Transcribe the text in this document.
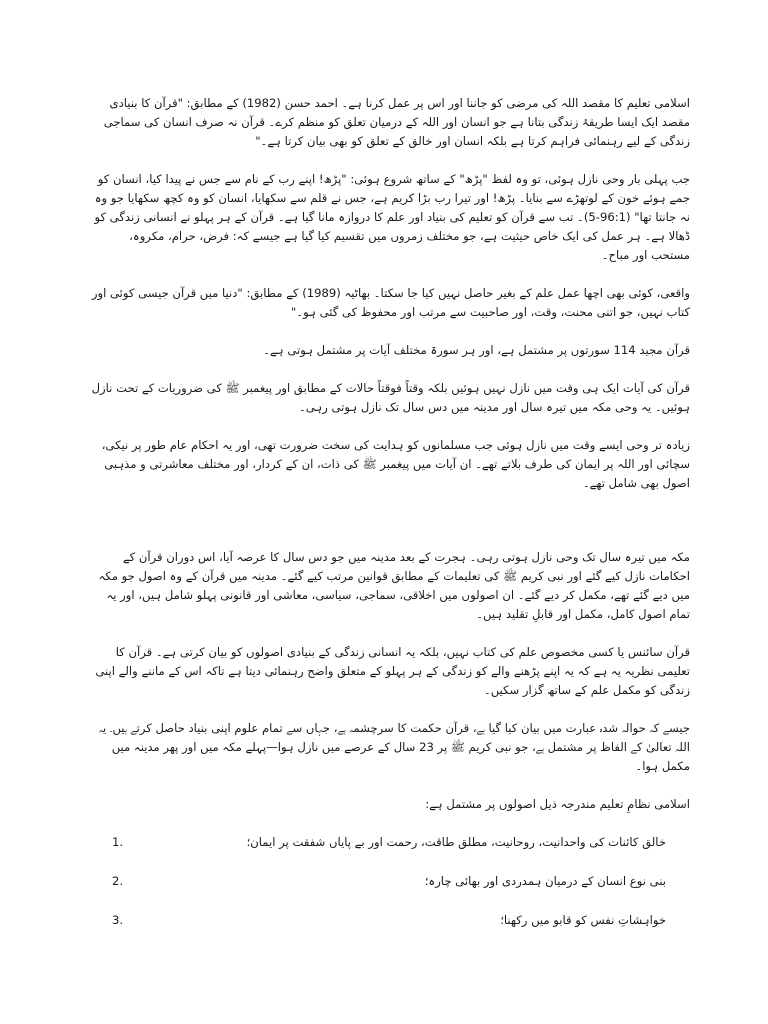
اسلامی تعلیم کا مقصد اللہ کی مرضی کو جاننا اور اس پر عمل کرنا ہے۔ احمد حسن (1982) کے مطابق: "قرآن کا بنیادی مقصد ایک ایسا طریقۂ زندگی بتانا ہے جو انسان اور اللہ کے درمیان تعلق کو منظم کرے۔ قرآن نہ صرف انسان کی سماجی زندگی کے لیے رہنمائی فراہم کرتا ہے بلکہ انسان اور خالق کے تعلق کو بھی بیان کرتا ہے۔"

جب پہلی بار وحی نازل ہوئی، تو وہ لفظ "پڑھ" کے ساتھ شروع ہوئی: "پڑھ! اپنے رب کے نام سے جس نے پیدا کیا، انسان کو جمے ہوئے خون کے لوتھڑے سے بنایا۔ پڑھ! اور تیرا رب بڑا کریم ہے، جس نے قلم سے سکھایا، انسان کو وہ کچھ سکھایا جو وہ نہ جانتا تھا" (96:1-5)۔ تب سے قرآن کو تعلیم کی بنیاد اور علم کا دروازہ مانا گیا ہے۔ قرآن کے ہر پہلو نے انسانی زندگی کو ڈھالا ہے۔ ہر عمل کی ایک خاص حیثیت ہے، جو مختلف زمروں میں تقسیم کیا گیا ہے جیسے کہ: فرض، حرام، مکروہ، مستحب اور مباح۔

واقعی، کوئی بھی اچھا عمل علم کے بغیر حاصل نہیں کیا جا سکتا۔ بھاٹیہ (1989) کے مطابق: "دنیا میں قرآن جیسی کوئی اور کتاب نہیں، جو اتنی محنت، وقت، اور صاحبیت سے مرتب اور محفوظ کی گئی ہو۔"

قرآن مجید 114 سورتوں پر مشتمل ہے، اور ہر سورۃ مختلف آیات پر مشتمل ہوتی ہے۔

قرآن کی آیات ایک ہی وقت میں نازل نہیں ہوئیں بلکہ وقتاً فوقتاً حالات کے مطابق اور پیغمبر ﷺ کی ضروریات کے تحت نازل ہوئیں۔ یہ وحی مکہ میں تیرہ سال اور مدینہ میں دس سال تک نازل ہوتی رہی۔

زیادہ تر وحی ایسے وقت میں نازل ہوئی جب مسلمانوں کو ہدایت کی سخت ضرورت تھی، اور یہ احکام عام طور پر نیکی، سچائی اور اللہ پر ایمان کی طرف بلاتے تھے۔ ان آیات میں پیغمبر ﷺ کی ذات، ان کے کردار، اور مختلف معاشرتی و مذہبی اصول بھی شامل تھے۔

مکہ میں تیرہ سال تک وحی نازل ہوتی رہی۔ ہجرت کے بعد مدینہ میں جو دس سال کا عرصہ آیا، اس دوران قرآن کے احکامات نازل کیے گئے اور نبی کریم ﷺ کی تعلیمات کے مطابق قوانین مرتب کیے گئے۔ مدینہ میں قرآن کے وہ اصول جو مکہ میں دیے گئے تھے، مکمل کر دیے گئے۔ ان اصولوں میں اخلاقی، سماجی، سیاسی، معاشی اور قانونی پہلو شامل ہیں، اور یہ تمام اصول کامل، مکمل اور قابلِ تقلید ہیں۔

قرآن سائنس یا کسی مخصوص علم کی کتاب نہیں، بلکہ یہ انسانی زندگی کے بنیادی اصولوں کو بیان کرتی ہے۔ قرآن کا تعلیمی نظریہ یہ ہے کہ یہ اپنے پڑھنے والے کو زندگی کے ہر پہلو کے متعلق واضح رہنمائی دیتا ہے تاکہ اس کے ماننے والے اپنی زندگی کو مکمل علم کے ساتھ گزار سکیں۔

جیسے کہ حوالہ شدہ عبارت میں بیان کیا گیا ہے، قرآن حکمت کا سرچشمہ ہے، جہاں سے تمام علوم اپنی بنیاد حاصل کرتے ہیں۔ یہ اللہ تعالیٰ کے الفاظ پر مشتمل ہے، جو نبی کریم ﷺ پر 23 سال کے عرصے میں نازل ہوا—پہلے مکہ میں اور پھر مدینہ میں مکمل ہوا۔

اسلامی نظامِ تعلیم مندرجہ ذیل اصولوں پر مشتمل ہے:

خالق کائنات کی واحدانیت، روحانیت، مطلق طاقت، رحمت اور بے پایاں شفقت پر ایمان؛
1.
بنی نوع انسان کے درمیان ہمدردی اور بھائی چارہ؛
2.
خواہشاتِ نفس کو قابو میں رکھنا؛
3.
